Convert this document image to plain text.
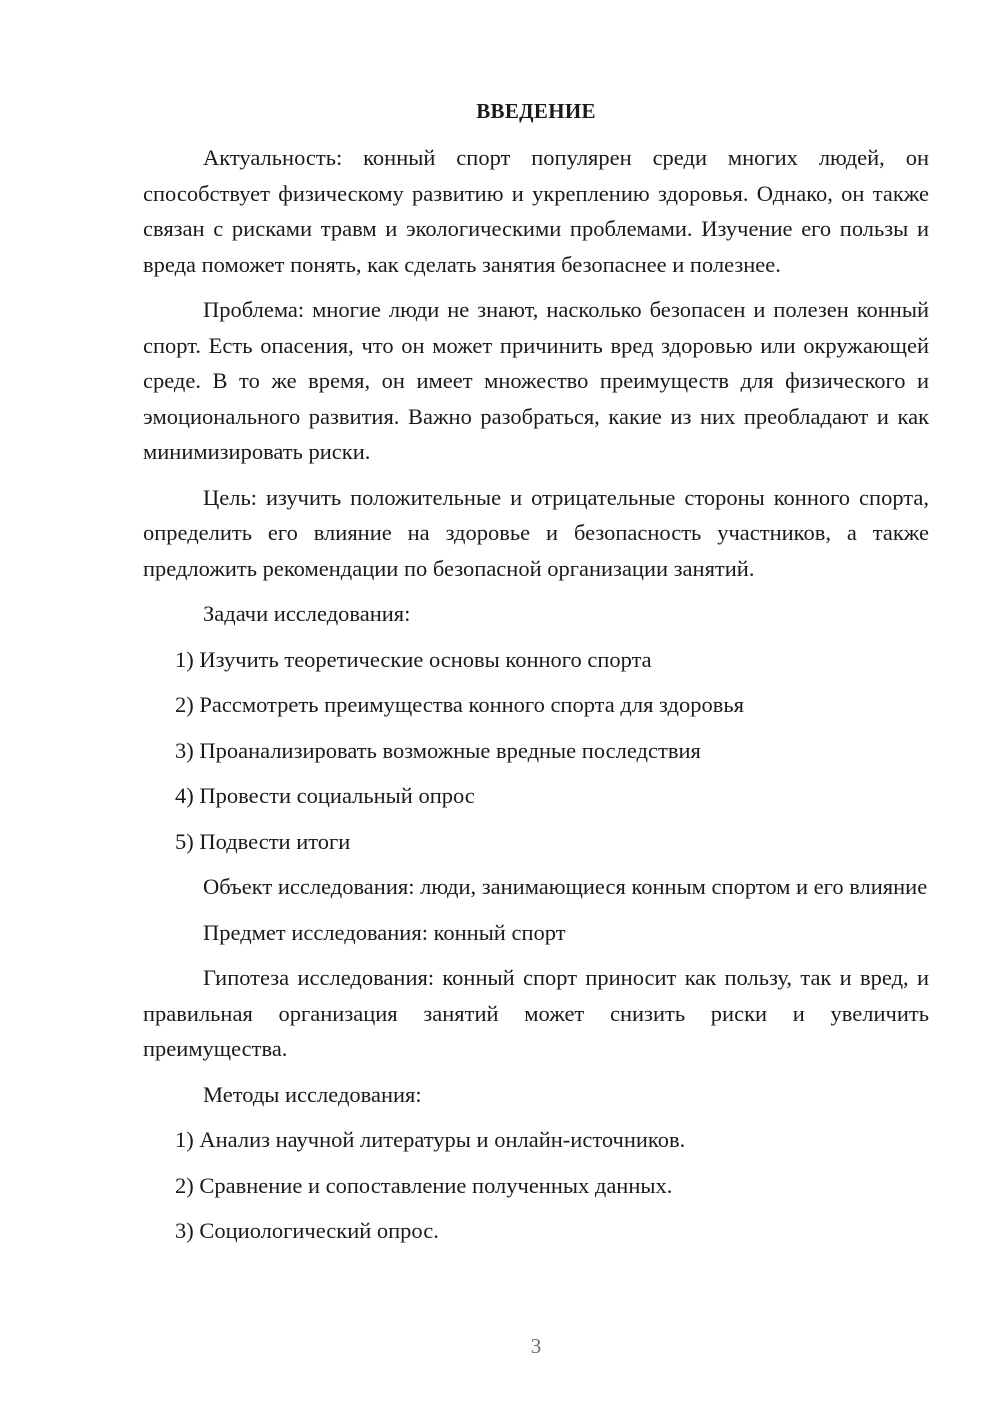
ВВЕДЕНИЕ

Актуальность: конный спорт популярен среди многих людей, он способствует физическому развитию и укреплению здоровья. Однако, он также связан с рисками травм и экологическими проблемами. Изучение его пользы и вреда поможет понять, как сделать занятия безопаснее и полезнее.

Проблема: многие люди не знают, насколько безопасен и полезен конный спорт. Есть опасения, что он может причинить вред здоровью или окружающей среде. В то же время, он имеет множество преимуществ для физического и эмоционального развития. Важно разобраться, какие из них преобладают и как минимизировать риски.

Цель: изучить положительные и отрицательные стороны конного спорта, определить его влияние на здоровье и безопасность участников, а также предложить рекомендации по безопасной организации занятий.

Задачи исследования:

1) Изучить теоретические основы конного спорта
2) Рассмотреть преимущества конного спорта для здоровья
3) Проанализировать возможные вредные последствия
4) Провести социальный опрос
5) Подвести итоги

Объект исследования: люди, занимающиеся конным спортом и его влияние

Предмет исследования: конный спорт

Гипотеза исследования: конный спорт приносит как пользу, так и вред, и правильная организация занятий может снизить риски и увеличить преимущества.

Методы исследования:

1) Анализ научной литературы и онлайн-источников.
2) Сравнение и сопоставление полученных данных.
3) Социологический опрос.
3
